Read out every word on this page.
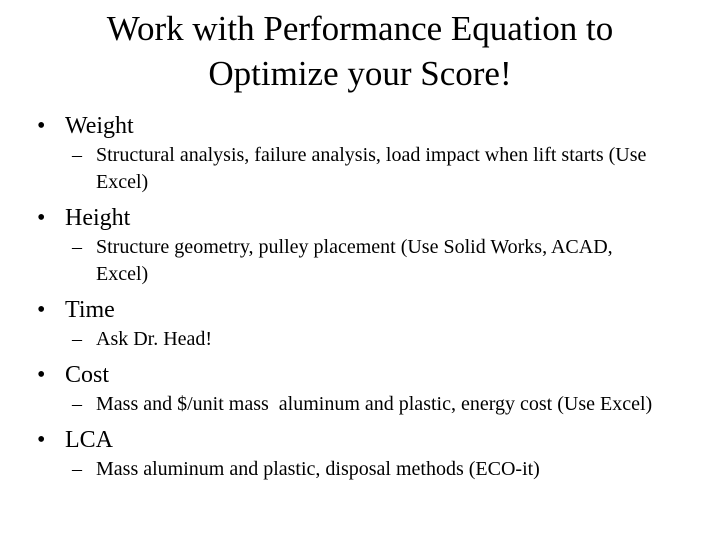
Work with Performance Equation to
Optimize your Score!
• Weight
– Structural analysis, failure analysis, load impact when lift starts (Use Excel)
• Height
– Structure geometry, pulley placement (Use Solid Works, ACAD, Excel)
• Time
– Ask Dr. Head!
• Cost
– Mass and $/unit mass  aluminum and plastic, energy cost (Use Excel)
• LCA
– Mass aluminum and plastic, disposal methods (ECO-it)
